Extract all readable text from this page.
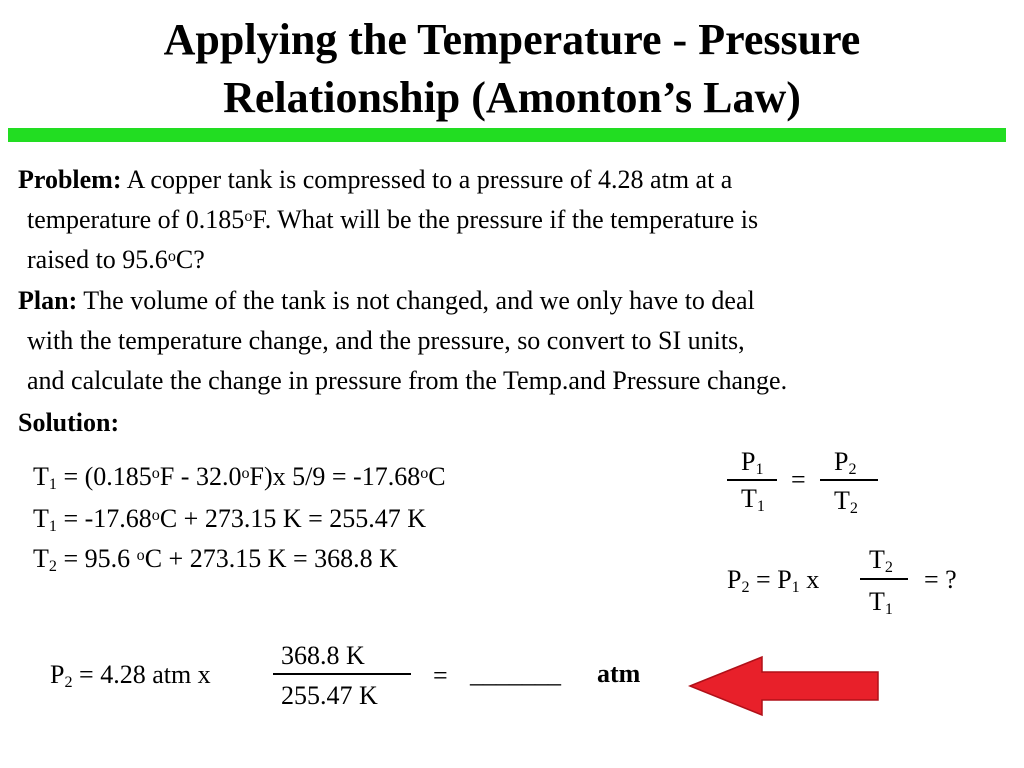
Applying the Temperature - Pressure
Relationship (Amonton’s Law)
Problem: A copper tank is compressed to a pressure of 4.28 atm at a
temperature of 0.185$^o$F. What will be the pressure if the temperature is
raised to 95.6$^o$C?
Plan: The volume of the tank is not changed, and we only have to deal
with the temperature change, and the pressure, so convert to SI units,
and calculate the change in pressure from the Temp.and Pressure change.
Solution:
$T_1 = (0.185^oF - 32.0^oF)x$ $5/9 = -17.68^oC$
$T_1 = -17.68^oC + 273.15$ K = 255.47 K
$T_2 = 95.6$ $^o$C + 273.15 K = 368.8 K
$P_1$
$T_1$
=
$P_2$
$T_2$
$P_2 = P_1$ x
$T_2$
$T_1$
= ?
$P_2 = 4.28$ atm x
368.8 K
255.47 K
= _______ atm
